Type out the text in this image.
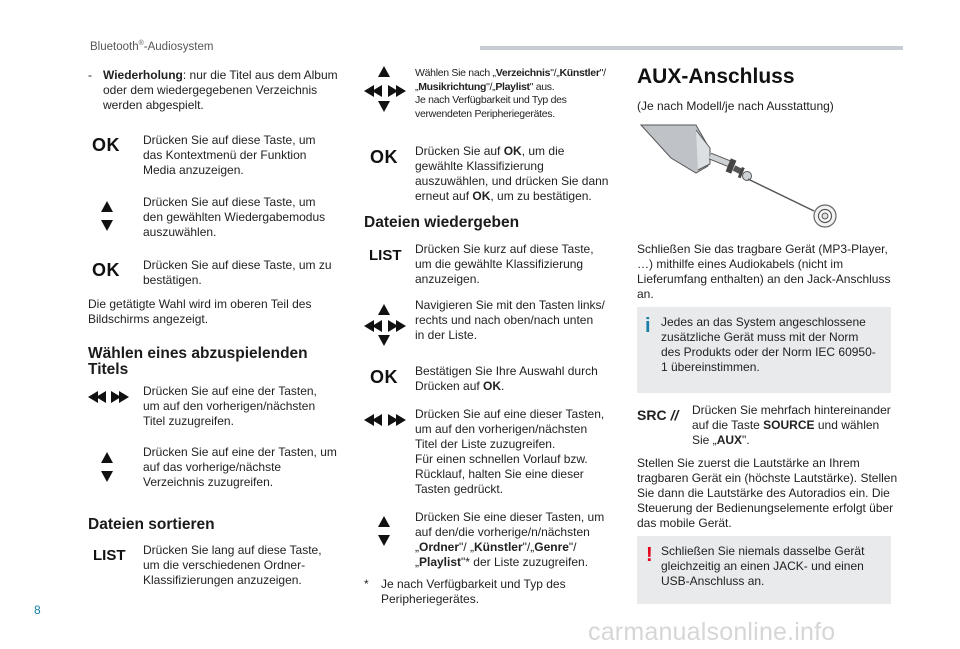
Bluetooth®-Audiosystem
- Wiederholung: nur die Titel aus dem Album oder dem wiedergegebenen Verzeichnis werden abgespielt.
OK Drücken Sie auf diese Taste, um das Kontextmenü der Funktion Media anzuzeigen.
Drücken Sie auf diese Taste, um den gewählten Wiedergabemodus auszuwählen.
OK Drücken Sie auf diese Taste, um zu bestätigen.
Die getätigte Wahl wird im oberen Teil des Bildschirms angezeigt.
Wählen eines abzuspielenden Titels
Drücken Sie auf eine der Tasten, um auf den vorherigen/nächsten Titel zuzugreifen.
Drücken Sie auf eine der Tasten, um auf das vorherige/nächste Verzeichnis zuzugreifen.
Dateien sortieren
LIST Drücken Sie lang auf diese Taste, um die verschiedenen Ordner-Klassifizierungen anzuzeigen.
Wählen Sie nach „Verzeichnis"/„Künstler"/
„Musikrichtung"/„Playlist" aus.
Je nach Verfügbarkeit und Typ des verwendeten Peripheriegerätes.
OK Drücken Sie auf OK, um die gewählte Klassifizierung auszuwählen, und drücken Sie dann erneut auf OK, um zu bestätigen.
Dateien wiedergeben
LIST Drücken Sie kurz auf diese Taste, um die gewählte Klassifizierung anzuzeigen.
Navigieren Sie mit den Tasten links/ rechts und nach oben/nach unten in der Liste.
OK Bestätigen Sie Ihre Auswahl durch Drücken auf OK.

Drücken Sie auf eine dieser Tasten, um auf den vorherigen/nächsten Titel der Liste zuzugreifen.

Für einen schnellen Vorlauf bzw. Rücklauf, halten Sie eine dieser Tasten gedrückt.

Drücken Sie eine dieser Tasten, um auf den/die vorherige/n/nächsten „Ordner"/ „Künstler"/„Genre"/„Playlist"* der Liste zuzugreifen.
* Je nach Verfügbarkeit und Typ des Peripheriegerätes.
AUX-Anschluss
(Je nach Modell/je nach Ausstattung)
Schließen Sie das tragbare Gerät (MP3-Player, …) mithilfe eines Audiokabels (nicht im Lieferumfang enthalten) an den Jack-Anschluss an.
i Jedes an das System angeschlossene zusätzliche Gerät muss mit der Norm des Produkts oder der Norm IEC 60950-1 übereinstimmen.
SRC // Drücken Sie mehrfach hintereinander auf die Taste SOURCE und wählen Sie „AUX".
Stellen Sie zuerst die Lautstärke an Ihrem tragbaren Gerät ein (höchste Lautstärke). Stellen Sie dann die Lautstärke des Autoradios ein. Die Steuerung der Bedienungselemente erfolgt über das mobile Gerät.
! Schließen Sie niemals dasselbe Gerät gleichzeitig an einen JACK- und einen USB-Anschluss an.
8
carmanualsonline.info
